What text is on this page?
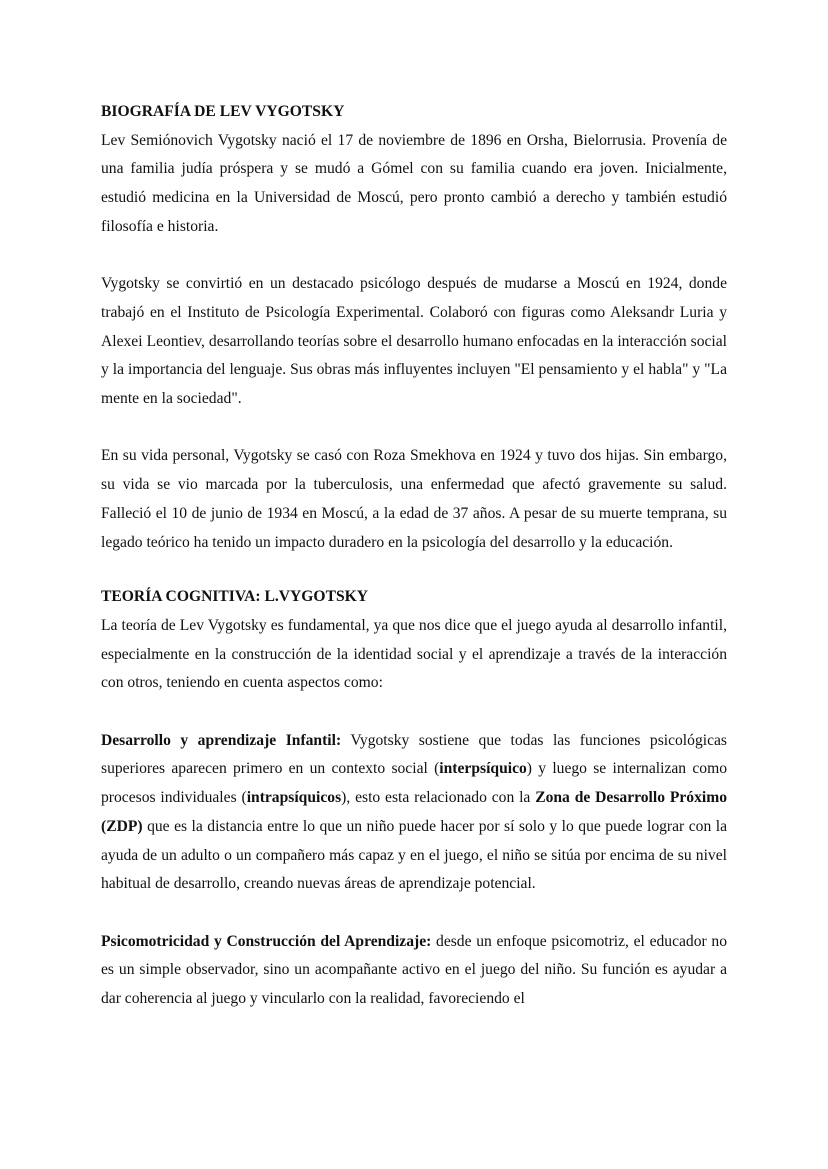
BIOGRAFÍA DE LEV VYGOTSKY

Lev Semiónovich Vygotsky nació el 17 de noviembre de 1896 en Orsha, Bielorrusia. Provenía de una familia judía próspera y se mudó a Gómel con su familia cuando era joven. Inicialmente, estudió medicina en la Universidad de Moscú, pero pronto cambió a derecho y también estudió filosofía e historia.

Vygotsky se convirtió en un destacado psicólogo después de mudarse a Moscú en 1924, donde trabajó en el Instituto de Psicología Experimental. Colaboró con figuras como Aleksandr Luria y Alexei Leontiev, desarrollando teorías sobre el desarrollo humano enfocadas en la interacción social y la importancia del lenguaje. Sus obras más influyentes incluyen "El pensamiento y el habla" y "La mente en la sociedad".

En su vida personal, Vygotsky se casó con Roza Smekhova en 1924 y tuvo dos hijas. Sin embargo, su vida se vio marcada por la tuberculosis, una enfermedad que afectó gravemente su salud. Falleció el 10 de junio de 1934 en Moscú, a la edad de 37 años. A pesar de su muerte temprana, su legado teórico ha tenido un impacto duradero en la psicología del desarrollo y la educación.

TEORÍA COGNITIVA: L.VYGOTSKY

La teoría de Lev Vygotsky es fundamental, ya que nos dice que el juego ayuda al desarrollo infantil, especialmente en la construcción de la identidad social y el aprendizaje a través de la interacción con otros, teniendo en cuenta aspectos como:

Desarrollo y aprendizaje Infantil: Vygotsky sostiene que todas las funciones psicológicas superiores aparecen primero en un contexto social (interpsíquico) y luego se internalizan como procesos individuales (intrapsíquicos), esto esta relacionado con la Zona de Desarrollo Próximo (ZDP) que es la distancia entre lo que un niño puede hacer por sí solo y lo que puede lograr con la ayuda de un adulto o un compañero más capaz y en el juego, el niño se sitúa por encima de su nivel habitual de desarrollo, creando nuevas áreas de aprendizaje potencial.

Psicomotricidad y Construcción del Aprendizaje: desde un enfoque psicomotriz, el educador no es un simple observador, sino un acompañante activo en el juego del niño. Su función es ayudar a dar coherencia al juego y vincularlo con la realidad, favoreciendo el
